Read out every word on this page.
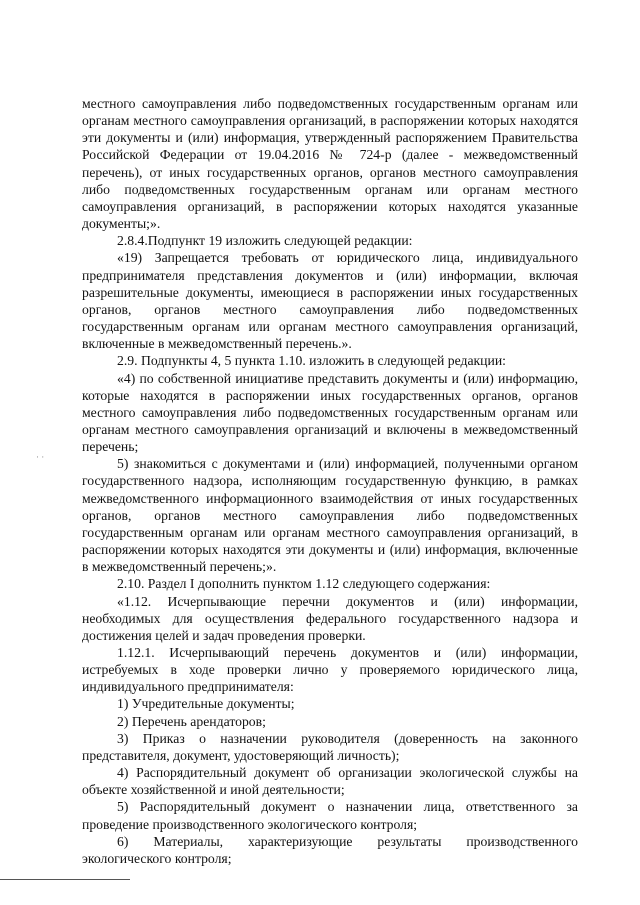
местного самоуправления либо подведомственных государственным органам или органам местного самоуправления организаций, в распоряжении которых находятся эти документы и (или) информация, утвержденный распоряжением Правительства Российской Федерации от 19.04.2016 № 724-р (далее - межведомственный перечень), от иных государственных органов, органов местного самоуправления либо подведомственных государственным органам или органам местного самоуправления организаций, в распоряжении которых находятся указанные документы;».

2.8.4.Подпункт 19 изложить следующей редакции:

«19) Запрещается требовать от юридического лица, индивидуального предпринимателя представления документов и (или) информации, включая разрешительные документы, имеющиеся в распоряжении иных государственных органов, органов местного самоуправления либо подведомственных государственным органам или органам местного самоуправления организаций, включенные в межведомственный перечень.».

2.9. Подпункты 4, 5 пункта 1.10. изложить в следующей редакции:

«4) по собственной инициативе представить документы и (или) информацию, которые находятся в распоряжении иных государственных органов, органов местного самоуправления либо подведомственных государственным органам или органам местного самоуправления организаций и включены в межведомственный перечень;

5) знакомиться с документами и (или) информацией, полученными органом государственного надзора, исполняющим государственную функцию, в рамках межведомственного информационного взаимодействия от иных государственных органов, органов местного самоуправления либо подведомственных государственным органам или органам местного самоуправления организаций, в распоряжении которых находятся эти документы и (или) информация, включенные в межведомственный перечень;».

2.10. Раздел I дополнить пунктом 1.12 следующего содержания:

«1.12. Исчерпывающие перечни документов и (или) информации, необходимых для осуществления федерального государственного надзора и достижения целей и задач проведения проверки.

1.12.1. Исчерпывающий перечень документов и (или) информации, истребуемых в ходе проверки лично у проверяемого юридического лица, индивидуального предпринимателя:

1) Учредительные документы;

2) Перечень арендаторов;

3) Приказ о назначении руководителя (доверенность на законного представителя, документ, удостоверяющий личность);

4) Распорядительный документ об организации экологической службы на объекте хозяйственной и иной деятельности;

5) Распорядительный документ о назначении лица, ответственного за проведение производственного экологического контроля;

6) Материалы, характеризующие результаты производственного экологического контроля;

· ·
